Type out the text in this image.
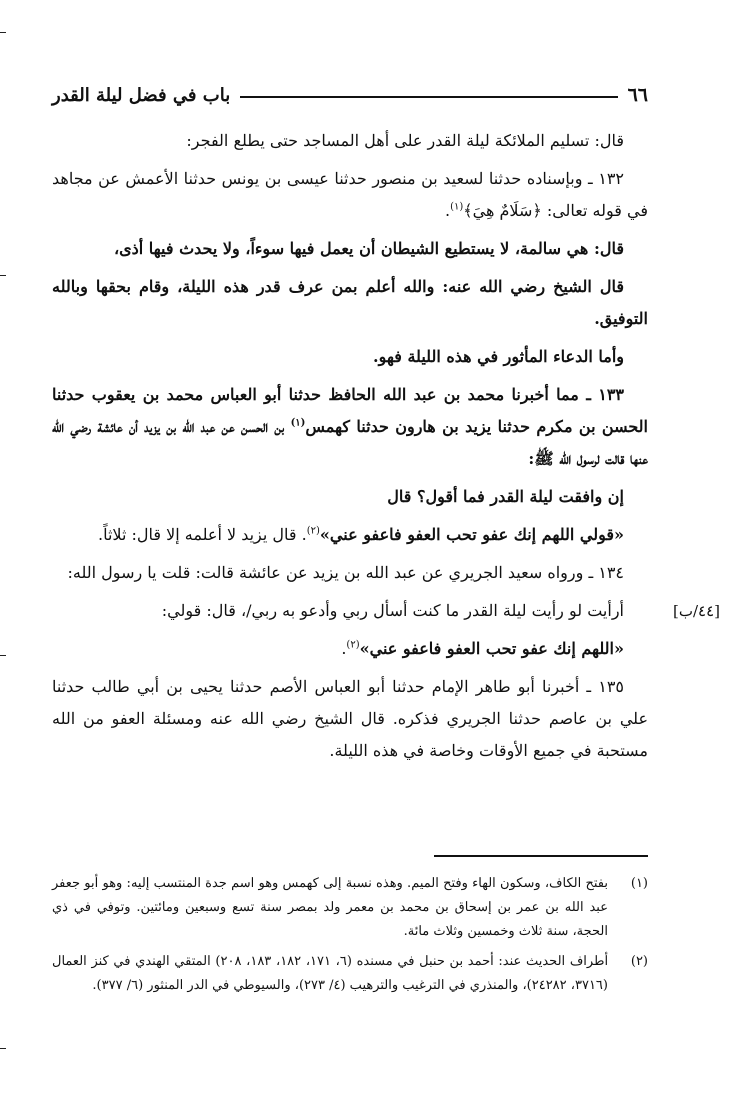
٦٦
باب في فضل ليلة القدر

قال: تسليم الملائكة ليلة القدر على أهل المساجد حتى يطلع الفجر:

١٣٢ ـ وبإسناده حدثنا لسعيد بن منصور حدثنا عيسى بن يونس حدثنا الأعمش عن مجاهد في قوله تعالى: ﴿سَلَامٌ هِيَ﴾$^{(١)}$.

قال: هي سالمة، لا يستطيع الشيطان أن يعمل فيها سوءاً، ولا يحدث فيها أذى،

قال الشيخ رضي الله عنه: والله أعلم بمن عرف قدر هذه الليلة، وقام بحقها وبالله التوفيق.

وأما الدعاء المأثور في هذه الليلة فهو.

١٣٣ ـ مما أخبرنا محمد بن عبد الله الحافظ حدثنا أبو العباس محمد بن يعقوب حدثنا الحسن بن مكرم حدثنا يزيد بن هارون حدثنا كهمس$^{(١)}$ بن الحسن عن عبد الله بن يزيد أن عائشة رضي الله عنها قالت لرسول الله ﷺ:

إن وافقت ليلة القدر فما أقول؟ قال

«قولي اللهم إنك عفو تحب العفو فاعفو عني»$^{(٢)}$. قال يزيد لا أعلمه إلا قال: ثلاثاً.

١٣٤ ـ ورواه سعيد الجريري عن عبد الله بن يزيد عن عائشة قالت: قلت يا رسول الله:

[٤٤/ب]
أرأيت لو رأيت ليلة القدر ما كنت أسأل ربي وأدعو به ربي/، قال: قولي:

«اللهم إنك عفو تحب العفو فاعفو عني»$^{(٢)}$.

١٣٥ ـ أخبرنا أبو طاهر الإمام حدثنا أبو العباس الأصم حدثنا يحيى بن أبي طالب حدثنا علي بن عاصم حدثنا الجريري فذكره. قال الشيخ رضي الله عنه ومسئلة العفو من الله مستحبة في جميع الأوقات وخاصة في هذه الليلة.

(١)
بفتح الكاف، وسكون الهاء وفتح الميم. وهذه نسبة إلى كهمس وهو اسم جدة المنتسب إليه: وهو أبو جعفر عبد الله بن عمر بن إسحاق بن محمد بن معمر ولد بمصر سنة تسع وسبعين ومائتين. وتوفي في ذي الحجة، سنة ثلاث وخمسين وثلاث مائة.
(٢)
أطراف الحديث عند: أحمد بن حنبل في مسنده (٦، ١٧١، ١٨٢، ١٨٣، ٢٠٨) المتقي الهندي في كنز العمال (٣٧١٦، ٢٤٢٨٢)، والمنذري في الترغيب والترهيب (٤/ ٢٧٣)، والسيوطي في الدر المنثور (٦/ ٣٧٧).
